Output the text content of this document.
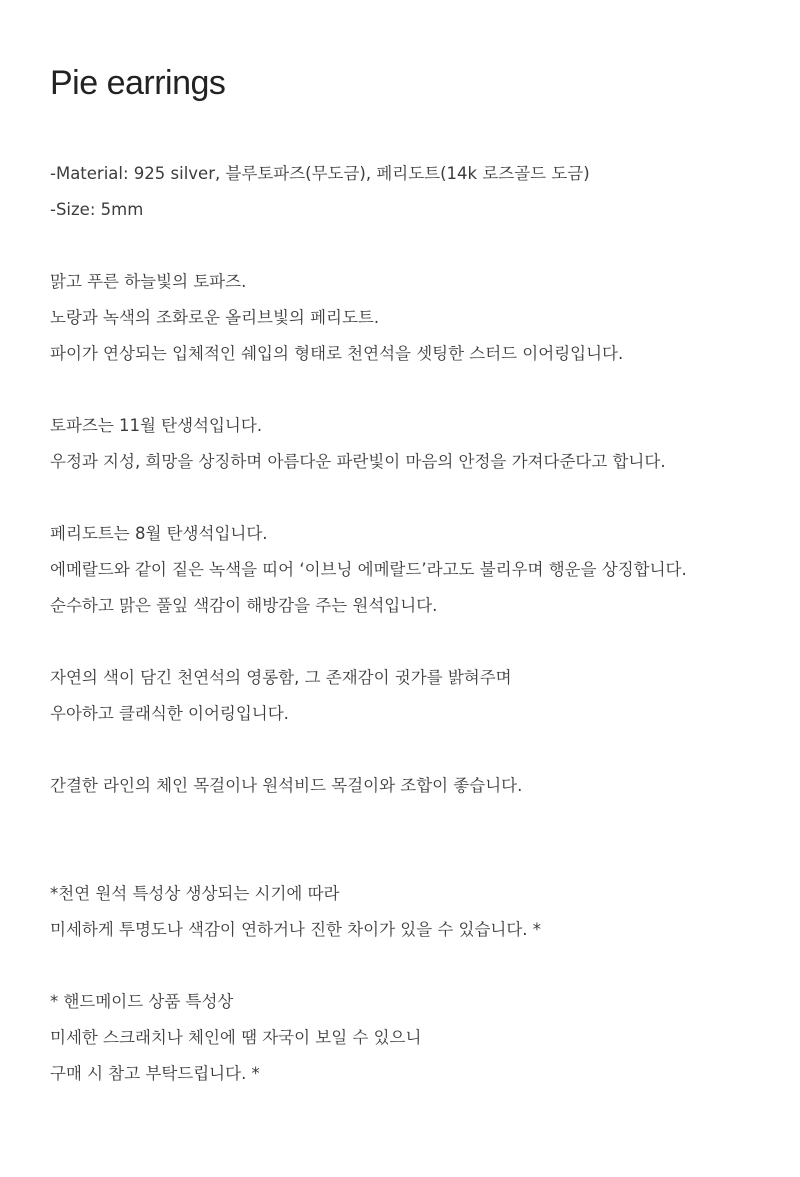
Pie earrings
-Material: 925 silver, 블루토파즈(무도금), 페리도트(14k 로즈골드 도금)
-Size: 5mm
맑고 푸른 하늘빛의 토파즈.
노랑과 녹색의 조화로운 올리브빛의 페리도트.
파이가 연상되는 입체적인 쉐입의 형태로 천연석을 셋팅한 스터드 이어링입니다.
토파즈는 11월 탄생석입니다.
우정과 지성, 희망을 상징하며 아름다운 파란빛이 마음의 안정을 가져다준다고 합니다.
페리도트는 8월 탄생석입니다.
에메랄드와 같이 짙은 녹색을 띠어 ‘이브닝 에메랄드’라고도 불리우며 행운을 상징합니다.
순수하고 맑은 풀잎 색감이 해방감을 주는 원석입니다.
자연의 색이 담긴 천연석의 영롱함, 그 존재감이 귓가를 밝혀주며
우아하고 클래식한 이어링입니다.
간결한 라인의 체인 목걸이나 원석비드 목걸이와 조합이 좋습니다.
*천연 원석 특성상 생상되는 시기에 따라
미세하게 투명도나 색감이 연하거나 진한 차이가 있을 수 있습니다. *
* 핸드메이드 상품 특성상
미세한 스크래치나 체인에 땜 자국이 보일 수 있으니
구매 시 참고 부탁드립니다. *
